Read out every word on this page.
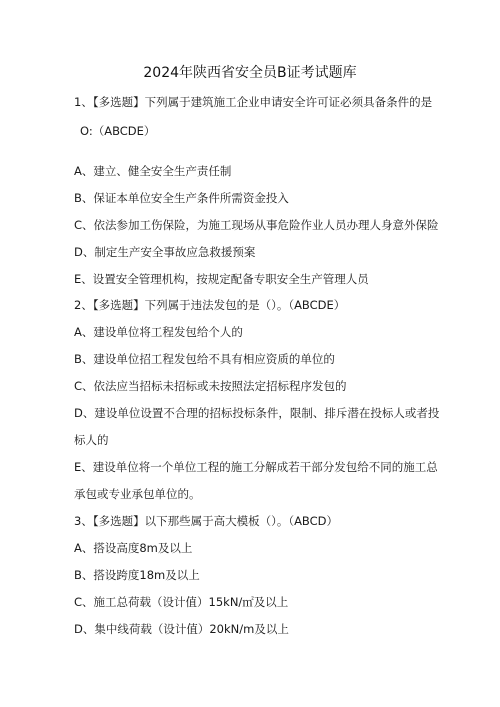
2024年陕西省安全员B证考试题库
1、【多选题】下列属于建筑施工企业申请安全许可证必须具备条件的是
O:（ABCDE）
A、建立、健全安全生产责任制
B、保证本单位安全生产条件所需资金投入
C、依法参加工伤保险，为施工现场从事危险作业人员办理人身意外保险
D、制定生产安全事故应急救援预案
E、设置安全管理机构，按规定配备专职安全生产管理人员
2、【多选题】下列属于违法发包的是（）。（ABCDE）
A、建设单位将工程发包给个人的
B、建设单位招工程发包给不具有相应资质的单位的
C、依法应当招标未招标或未按照法定招标程序发包的
D、建设单位设置不合理的招标投标条件，限制、排斥潜在投标人或者投
标人的
E、建设单位将一个单位工程的施工分解成若干部分发包给不同的施工总
承包或专业承包单位的。
3、【多选题】以下那些属于高大模板（）。（ABCD）
A、搭设高度8m及以上
B、搭设跨度18m及以上
C、施工总荷载（设计值）15kN/㎡及以上
D、集中线荷载（设计值）20kN/m及以上
